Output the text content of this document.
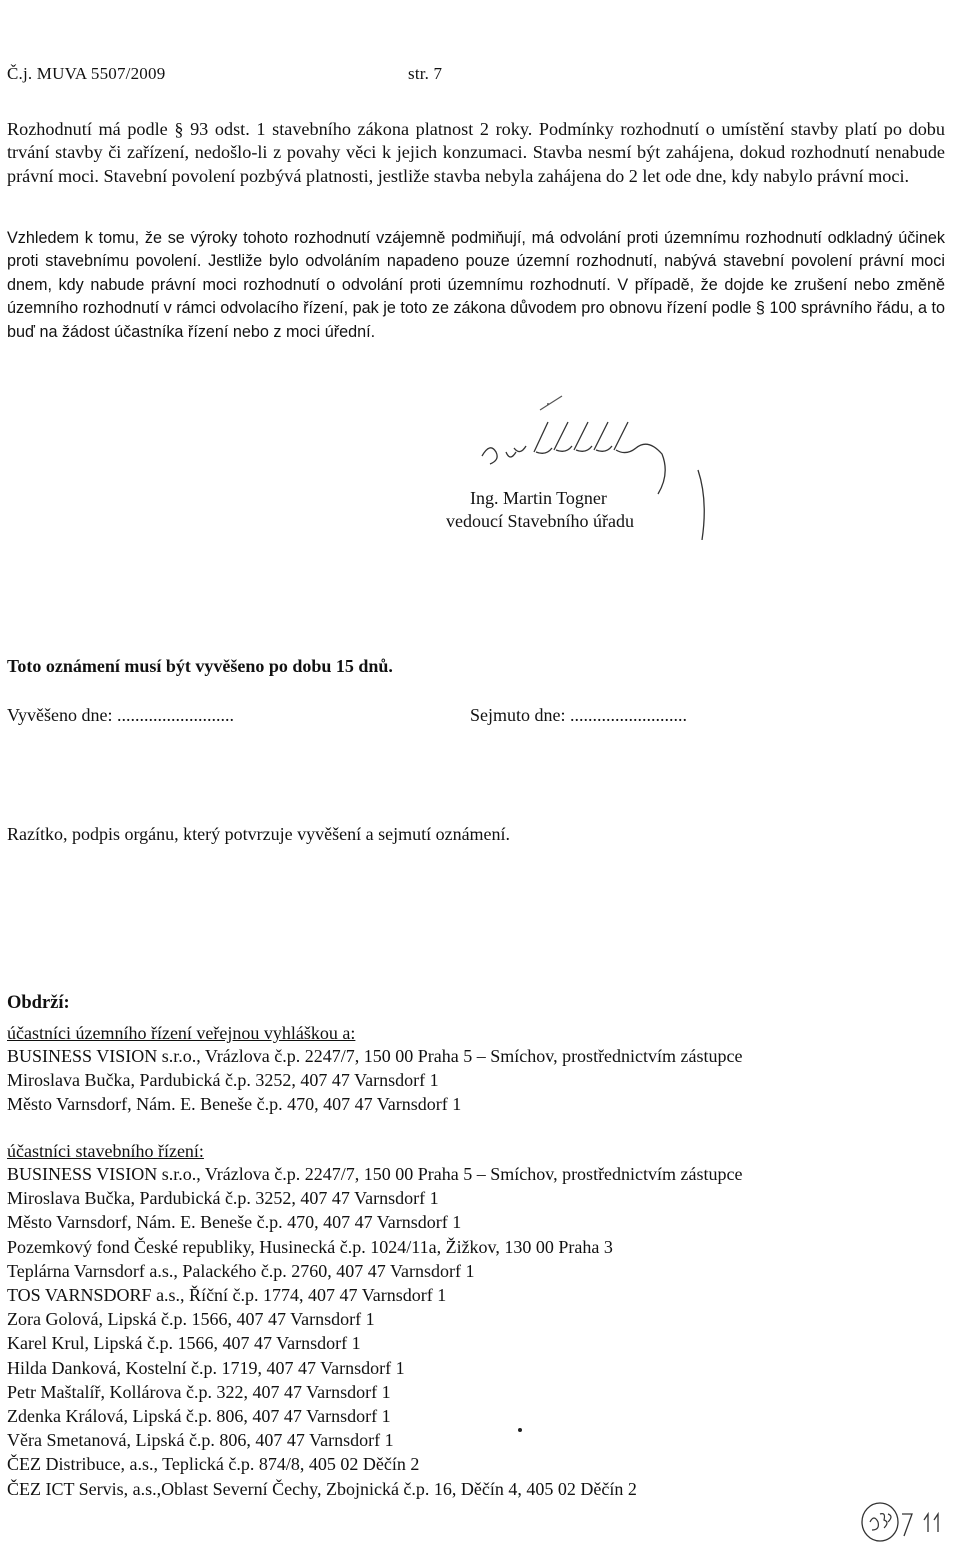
Č.j. MUVA 5507/2009	str. 7
Rozhodnutí má podle § 93 odst. 1 stavebního zákona platnost 2 roky. Podmínky rozhodnutí o umístění stavby platí po dobu trvání stavby či zařízení, nedošlo-li z povahy věci k jejich konzumaci. Stavba nesmí být zahájena, dokud rozhodnutí nenabude právní moci. Stavební povolení pozbývá platnosti, jestliže stavba nebyla zahájena do 2 let ode dne, kdy nabylo právní moci.
Vzhledem k tomu, že se výroky tohoto rozhodnutí vzájemně podmiňují, má odvolání proti územnímu rozhodnutí odkladný účinek proti stavebnímu povolení. Jestliže bylo odvoláním napadeno pouze územní rozhodnutí, nabývá stavební povolení právní moci dnem, kdy nabude právní moci rozhodnutí o odvolání proti územnímu rozhodnutí. V případě, že dojde ke zrušení nebo změně územního rozhodnutí v rámci odvolacího řízení, pak je toto ze zákona důvodem pro obnovu řízení podle § 100 správního řádu, a to buď na žádost účastníka řízení nebo z moci úřední.
Ing. Martin Togner
vedoucí Stavebního úřadu
Toto oznámení musí být vyvěšeno po dobu 15 dnů.
Vyvěšeno dne: ..........................	Sejmuto dne: ..........................
Razítko, podpis orgánu, který potvrzuje vyvěšení a sejmutí oznámení.
Obdrží:
účastníci územního řízení veřejnou vyhláškou a:
BUSINESS VISION s.r.o., Vrázlova č.p. 2247/7, 150 00 Praha 5 – Smíchov, prostřednictvím zástupce
Miroslava Bučka, Pardubická č.p. 3252, 407 47 Varnsdorf 1
Město Varnsdorf, Nám. E. Beneše č.p. 470, 407 47 Varnsdorf 1
účastníci stavebního řízení:
BUSINESS VISION s.r.o., Vrázlova č.p. 2247/7, 150 00 Praha 5 – Smíchov, prostřednictvím zástupce
Miroslava Bučka, Pardubická č.p. 3252, 407 47 Varnsdorf 1
Město Varnsdorf, Nám. E. Beneše č.p. 470, 407 47 Varnsdorf 1
Pozemkový fond České republiky, Husinecká č.p. 1024/11a, Žižkov, 130 00 Praha 3
Teplárna Varnsdorf a.s., Palackého č.p. 2760, 407 47 Varnsdorf 1
TOS VARNSDORF a.s., Říční č.p. 1774, 407 47 Varnsdorf 1
Zora Golová, Lipská č.p. 1566, 407 47 Varnsdorf 1
Karel Krul, Lipská č.p. 1566, 407 47 Varnsdorf 1
Hilda Danková, Kostelní č.p. 1719, 407 47 Varnsdorf 1
Petr Maštalíř, Kollárova č.p. 322, 407 47 Varnsdorf 1
Zdenka Králová, Lipská č.p. 806, 407 47 Varnsdorf 1
Věra Smetanová, Lipská č.p. 806, 407 47 Varnsdorf 1
ČEZ Distribuce, a.s., Teplická č.p. 874/8, 405 02 Děčín 2
ČEZ ICT Servis, a.s.,Oblast Severní Čechy, Zbojnická č.p. 16, Děčín 4, 405 02 Děčín 2
